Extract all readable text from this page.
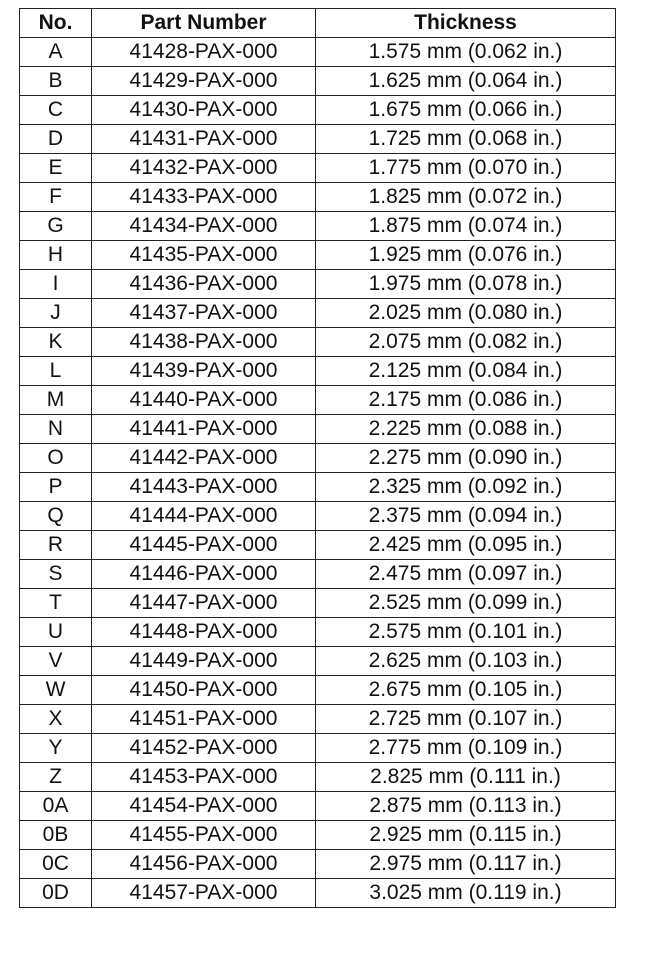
No.	Part Number	Thickness
A	41428-PAX-000	1.575 mm (0.062 in.)
B	41429-PAX-000	1.625 mm (0.064 in.)
C	41430-PAX-000	1.675 mm (0.066 in.)
D	41431-PAX-000	1.725 mm (0.068 in.)
E	41432-PAX-000	1.775 mm (0.070 in.)
F	41433-PAX-000	1.825 mm (0.072 in.)
G	41434-PAX-000	1.875 mm (0.074 in.)
H	41435-PAX-000	1.925 mm (0.076 in.)
I	41436-PAX-000	1.975 mm (0.078 in.)
J	41437-PAX-000	2.025 mm (0.080 in.)
K	41438-PAX-000	2.075 mm (0.082 in.)
L	41439-PAX-000	2.125 mm (0.084 in.)
M	41440-PAX-000	2.175 mm (0.086 in.)
N	41441-PAX-000	2.225 mm (0.088 in.)
O	41442-PAX-000	2.275 mm (0.090 in.)
P	41443-PAX-000	2.325 mm (0.092 in.)
Q	41444-PAX-000	2.375 mm (0.094 in.)
R	41445-PAX-000	2.425 mm (0.095 in.)
S	41446-PAX-000	2.475 mm (0.097 in.)
T	41447-PAX-000	2.525 mm (0.099 in.)
U	41448-PAX-000	2.575 mm (0.101 in.)
V	41449-PAX-000	2.625 mm (0.103 in.)
W	41450-PAX-000	2.675 mm (0.105 in.)
X	41451-PAX-000	2.725 mm (0.107 in.)
Y	41452-PAX-000	2.775 mm (0.109 in.)
Z	41453-PAX-000	2.825 mm (0.111 in.)
0A	41454-PAX-000	2.875 mm (0.113 in.)
0B	41455-PAX-000	2.925 mm (0.115 in.)
0C	41456-PAX-000	2.975 mm (0.117 in.)
0D	41457-PAX-000	3.025 mm (0.119 in.)
